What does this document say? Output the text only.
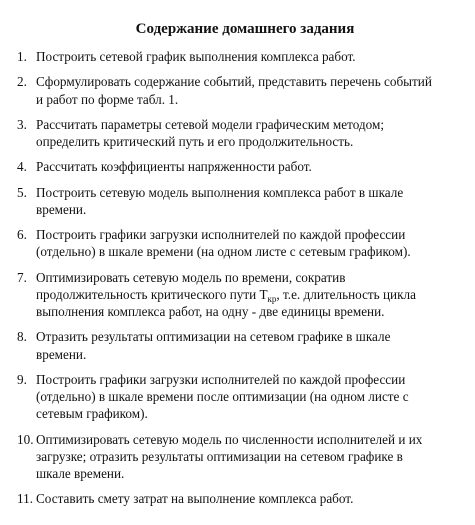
Содержание домашнего задания
1. Построить сетевой график выполнения комплекса работ.
2. Сформулировать содержание событий, представить перечень событий
и работ по форме табл. 1.
3. Рассчитать параметры сетевой модели графическим методом;
определить критический путь и его продолжительность.
4. Рассчитать коэффициенты напряженности работ.
5. Построить сетевую модель выполнения комплекса работ в шкале
времени.
6. Построить графики загрузки исполнителей по каждой профессии
(отдельно) в шкале времени (на одном листе с сетевым графиком).
7. Оптимизировать сетевую модель по времени, сократив
продолжительность критического пути $T_{кр}$, т.е. длительность цикла
выполнения комплекса работ, на одну - две единицы времени.
8. Отразить результаты оптимизации на сетевом графике в шкале
времени.
9. Построить графики загрузки исполнителей по каждой профессии
(отдельно) в шкале времени после оптимизации (на одном листе с
сетевым графиком).
10. Оптимизировать сетевую модель по численности исполнителей и их
загрузке; отразить результаты оптимизации на сетевом графике в
шкале времени.
11. Составить смету затрат на выполнение комплекса работ.
